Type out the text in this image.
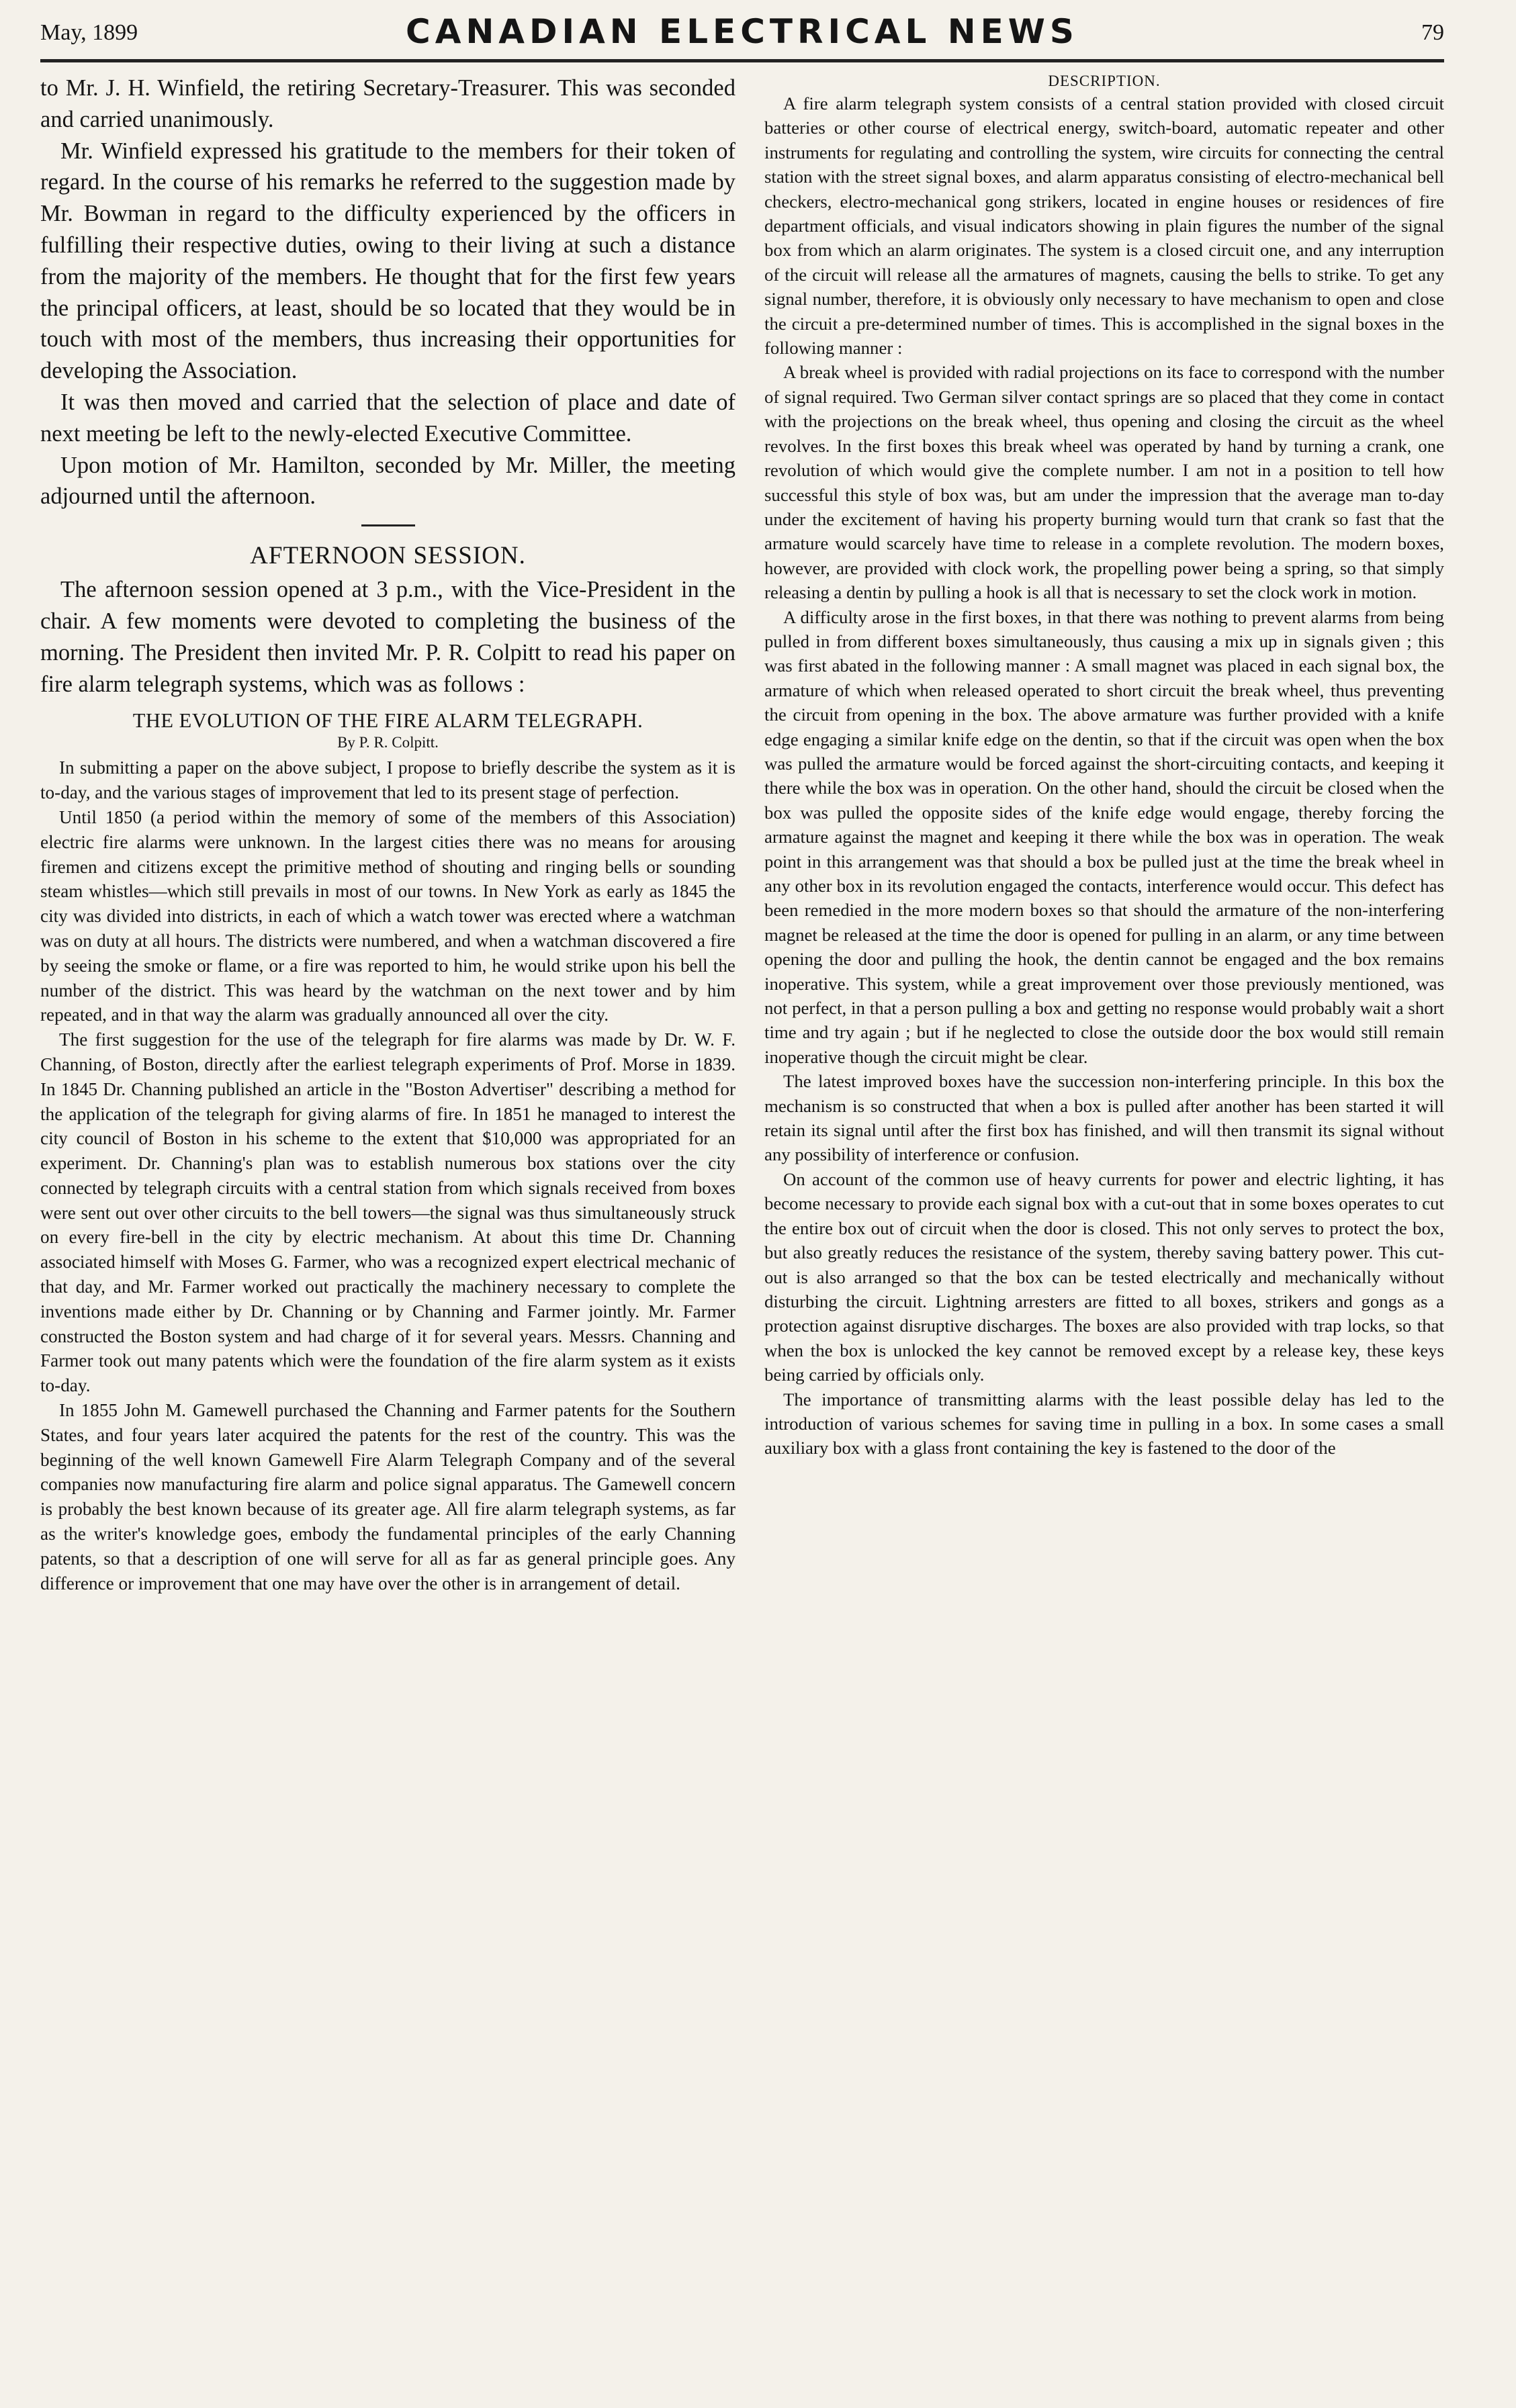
May, 1899	CANADIAN ELECTRICAL NEWS	79

to Mr. J. H. Winfield, the retiring Secretary-Treasurer. This was seconded and carried unanimously.

Mr. Winfield expressed his gratitude to the members for their token of regard. In the course of his remarks he referred to the suggestion made by Mr. Bowman in regard to the difficulty experienced by the officers in fulfilling their respective duties, owing to their living at such a distance from the majority of the members. He thought that for the first few years the principal officers, at least, should be so located that they would be in touch with most of the members, thus increasing their opportunities for developing the Association.

It was then moved and carried that the selection of place and date of next meeting be left to the newly-elected Executive Committee.

Upon motion of Mr. Hamilton, seconded by Mr. Miller, the meeting adjourned until the afternoon.

AFTERNOON SESSION.

The afternoon session opened at 3 p.m., with the Vice-President in the chair. A few moments were devoted to completing the business of the morning. The President then invited Mr. P. R. Colpitt to read his paper on fire alarm telegraph systems, which was as follows :

THE EVOLUTION OF THE FIRE ALARM TELEGRAPH.
By P. R. Colpitt.

In submitting a paper on the above subject, I propose to briefly describe the system as it is to-day, and the various stages of improvement that led to its present stage of perfection.

Until 1850 (a period within the memory of some of the members of this Association) electric fire alarms were unknown. In the largest cities there was no means for arousing firemen and citizens except the primitive method of shouting and ringing bells or sounding steam whistles—which still prevails in most of our towns. In New York as early as 1845 the city was divided into districts, in each of which a watch tower was erected where a watchman was on duty at all hours. The districts were numbered, and when a watchman discovered a fire by seeing the smoke or flame, or a fire was reported to him, he would strike upon his bell the number of the district. This was heard by the watchman on the next tower and by him repeated, and in that way the alarm was gradually announced all over the city.

The first suggestion for the use of the telegraph for fire alarms was made by Dr. W. F. Channing, of Boston, directly after the earliest telegraph experiments of Prof. Morse in 1839. In 1845 Dr. Channing published an article in the "Boston Advertiser" describing a method for the application of the telegraph for giving alarms of fire. In 1851 he managed to interest the city council of Boston in his scheme to the extent that $10,000 was appropriated for an experiment. Dr. Channing's plan was to establish numerous box stations over the city connected by telegraph circuits with a central station from which signals received from boxes were sent out over other circuits to the bell towers—the signal was thus simultaneously struck on every fire-bell in the city by electric mechanism. At about this time Dr. Channing associated himself with Moses G. Farmer, who was a recognized expert electrical mechanic of that day, and Mr. Farmer worked out practically the machinery necessary to complete the inventions made either by Dr. Channing or by Channing and Farmer jointly. Mr. Farmer constructed the Boston system and had charge of it for several years. Messrs. Channing and Farmer took out many patents which were the foundation of the fire alarm system as it exists to-day.

In 1855 John M. Gamewell purchased the Channing and Farmer patents for the Southern States, and four years later acquired the patents for the rest of the country. This was the beginning of the well known Gamewell Fire Alarm Telegraph Company and of the several companies now manufacturing fire alarm and police signal apparatus. The Gamewell concern is probably the best known because of its greater age. All fire alarm telegraph systems, as far as the writer's knowledge goes, embody the fundamental principles of the early Channing patents, so that a description of one will serve for all as far as general principle goes. Any difference or improvement that one may have over the other is in arrangement of detail.

DESCRIPTION.

A fire alarm telegraph system consists of a central station provided with closed circuit batteries or other course of electrical energy, switch-board, automatic repeater and other instruments for regulating and controlling the system, wire circuits for connecting the central station with the street signal boxes, and alarm apparatus consisting of electro-mechanical bell checkers, electro-mechanical gong strikers, located in engine houses or residences of fire department officials, and visual indicators showing in plain figures the number of the signal box from which an alarm originates. The system is a closed circuit one, and any interruption of the circuit will release all the armatures of magnets, causing the bells to strike. To get any signal number, therefore, it is obviously only necessary to have mechanism to open and close the circuit a pre-determined number of times. This is accomplished in the signal boxes in the following manner :

A break wheel is provided with radial projections on its face to correspond with the number of signal required. Two German silver contact springs are so placed that they come in contact with the projections on the break wheel, thus opening and closing the circuit as the wheel revolves. In the first boxes this break wheel was operated by hand by turning a crank, one revolution of which would give the complete number. I am not in a position to tell how successful this style of box was, but am under the impression that the average man to-day under the excitement of having his property burning would turn that crank so fast that the armature would scarcely have time to release in a complete revolution. The modern boxes, however, are provided with clock work, the propelling power being a spring, so that simply releasing a dentin by pulling a hook is all that is necessary to set the clock work in motion.

A difficulty arose in the first boxes, in that there was nothing to prevent alarms from being pulled in from different boxes simultaneously, thus causing a mix up in signals given ; this was first abated in the following manner : A small magnet was placed in each signal box, the armature of which when released operated to short circuit the break wheel, thus preventing the circuit from opening in the box. The above armature was further provided with a knife edge engaging a similar knife edge on the dentin, so that if the circuit was open when the box was pulled the armature would be forced against the short-circuiting contacts, and keeping it there while the box was in operation. On the other hand, should the circuit be closed when the box was pulled the opposite sides of the knife edge would engage, thereby forcing the armature against the magnet and keeping it there while the box was in operation. The weak point in this arrangement was that should a box be pulled just at the time the break wheel in any other box in its revolution engaged the contacts, interference would occur. This defect has been remedied in the more modern boxes so that should the armature of the non-interfering magnet be released at the time the door is opened for pulling in an alarm, or any time between opening the door and pulling the hook, the dentin cannot be engaged and the box remains inoperative. This system, while a great improvement over those previously mentioned, was not perfect, in that a person pulling a box and getting no response would probably wait a short time and try again ; but if he neglected to close the outside door the box would still remain inoperative though the circuit might be clear.

The latest improved boxes have the succession non-interfering principle. In this box the mechanism is so constructed that when a box is pulled after another has been started it will retain its signal until after the first box has finished, and will then transmit its signal without any possibility of interference or confusion.

On account of the common use of heavy currents for power and electric lighting, it has become necessary to provide each signal box with a cut-out that in some boxes operates to cut the entire box out of circuit when the door is closed. This not only serves to protect the box, but also greatly reduces the resistance of the system, thereby saving battery power. This cut-out is also arranged so that the box can be tested electrically and mechanically without disturbing the circuit. Lightning arresters are fitted to all boxes, strikers and gongs as a protection against disruptive discharges. The boxes are also provided with trap locks, so that when the box is unlocked the key cannot be removed except by a release key, these keys being carried by officials only.

The importance of transmitting alarms with the least possible delay has led to the introduction of various schemes for saving time in pulling in a box. In some cases a small auxiliary box with a glass front containing the key is fastened to the door of the
